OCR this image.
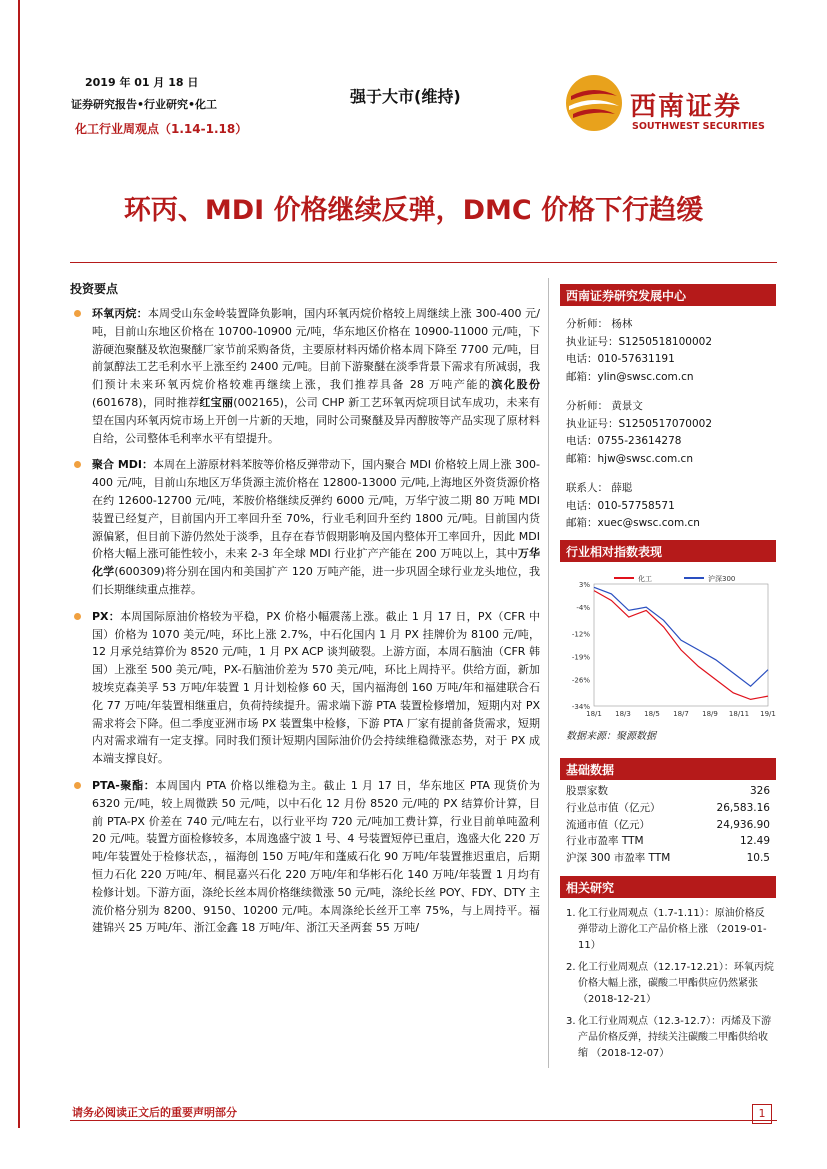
2019 年 01 月 18 日
证券研究报告•行业研究•化工
化工行业周观点（1.14-1.18）
强于大市(维持)	西南证券
SOUTHWEST SECURITIES
环丙、MDI 价格继续反弹，DMC 价格下行趋缓
投资要点
环氧丙烷：本周受山东金岭装置降负影响，国内环氧丙烷价格较上周继续上涨 300-400 元/吨，目前山东地区价格在 10700-10900 元/吨，华东地区价格在 10900-11000 元/吨，下游硬泡聚醚及软泡聚醚厂家节前采购备货，主要原材料丙烯价格本周下降至 7700 元/吨，目前氯醇法工艺毛利水平上涨至约 2400 元/吨。目前下游聚醚在淡季背景下需求有所减弱，我们预计未来环氧丙烷价格较难再继续上涨，我们推荐具备 28 万吨产能的滨化股份(601678)，同时推荐红宝丽(002165)，公司 CHP 新工艺环氧丙烷项目试车成功，未来有望在国内环氧丙烷市场上开创一片新的天地，同时公司聚醚及异丙醇胺等产品实现了原材料自给，公司整体毛利率水平有望提升。
聚合 MDI：本周在上游原材料苯胺等价格反弹带动下，国内聚合 MDI 价格较上周上涨 300-400 元/吨，目前山东地区万华货源主流价格在 12800-13000 元/吨,上海地区外资货源价格在约 12600-12700 元/吨，苯胺价格继续反弹约 6000 元/吨，万华宁波二期 80 万吨 MDI 装置已经复产，目前国内开工率回升至 70%，行业毛利回升至约 1800 元/吨。目前国内货源偏紧，但目前下游仍然处于淡季，且存在春节假期影响及国内整体开工率回升，因此 MDI 价格大幅上涨可能性较小，未来 2-3 年全球 MDI 行业扩产产能在 200 万吨以上，其中万华化学(600309)将分别在国内和美国扩产 120 万吨产能，进一步巩固全球行业龙头地位，我们长期继续重点推荐。
PX：本周国际原油价格较为平稳，PX 价格小幅震荡上涨。截止 1 月 17 日，PX（CFR 中国）价格为 1070 美元/吨，环比上涨 2.7%，中石化国内 1 月 PX 挂牌价为 8100 元/吨，12 月承兑结算价为 8520 元/吨，1 月 PX ACP 谈判破裂。上游方面，本周石脑油（CFR 韩国）上涨至 500 美元/吨，PX-石脑油价差为 570 美元/吨，环比上周持平。供给方面，新加坡埃克森美孚 53 万吨/年装置 1 月计划检修 60 天，国内福海创 160 万吨/年和福建联合石化 77 万吨/年装置相继重启，负荷持续提升。需求端下游 PTA 装置检修增加，短期内对 PX 需求将会下降。但二季度亚洲市场 PX 装置集中检修，下游 PTA 厂家有提前备货需求，短期内对需求端有一定支撑。同时我们预计短期内国际油价仍会持续维稳微涨态势，对于 PX 成本端支撑良好。
PTA-聚酯：本周国内 PTA 价格以维稳为主。截止 1 月 17 日，华东地区 PTA 现货价为 6320 元/吨，较上周微跌 50 元/吨，以中石化 12 月份 8520 元/吨的 PX 结算价计算，目前 PTA-PX 价差在 740 元/吨左右，以行业平均 720 元/吨加工费计算，行业目前单吨盈利 20 元/吨。装置方面检修较多，本周逸盛宁波 1 号、4 号装置短停已重启，逸盛大化 220 万吨/年装置处于检修状态，，福海创 150 万吨/年和蓬威石化 90 万吨/年装置推迟重启，后期恒力石化 220 万吨/年、桐昆嘉兴石化 220 万吨/年和华彬石化 140 万吨/年装置 1 月均有检修计划。下游方面，涤纶长丝本周价格继续微涨 50 元/吨，涤纶长丝 POY、FDY、DTY 主流价格分别为 8200、9150、10200 元/吨。本周涤纶长丝开工率 75%，与上周持平。福建锦兴 25 万吨/年、浙江金鑫 18 万吨/年、浙江天圣两套 55 万吨/
西南证券研究发展中心
分析师： 杨林
执业证号：S1250518100002
电话：010-57631191
邮箱：ylin@swsc.com.cn
分析师： 黄景文
执业证号：S1250517070002
电话：0755-23614278
邮箱：hjw@swsc.com.cn
联系人： 薛聪
电话：010-57758571
邮箱：xuec@swsc.com.cn
行业相对指数表现
3%
-4%
-12%
-19%
-26%
-34%
18/1 18/3 18/5 18/7 18/9 18/11 19/1
化工	沪深300
数据来源：聚源数据
基础数据
股票家数	326
行业总市值（亿元）	26,583.16
流通市值（亿元）	24,936.90
行业市盈率 TTM	12.49
沪深 300 市盈率 TTM	10.5
相关研究
1. 化工行业周观点（1.7-1.11）：原油价格反弹带动上游化工产品价格上涨 （2019-01-11）
2. 化工行业周观点（12.17-12.21）：环氧丙烷价格大幅上涨，碳酸二甲酯供应仍然紧张 （2018-12-21）
3. 化工行业周观点（12.3-12.7）：丙烯及下游产品价格反弹，持续关注碳酸二甲酯供给收缩 （2018-12-07）
请务必阅读正文后的重要声明部分	1
